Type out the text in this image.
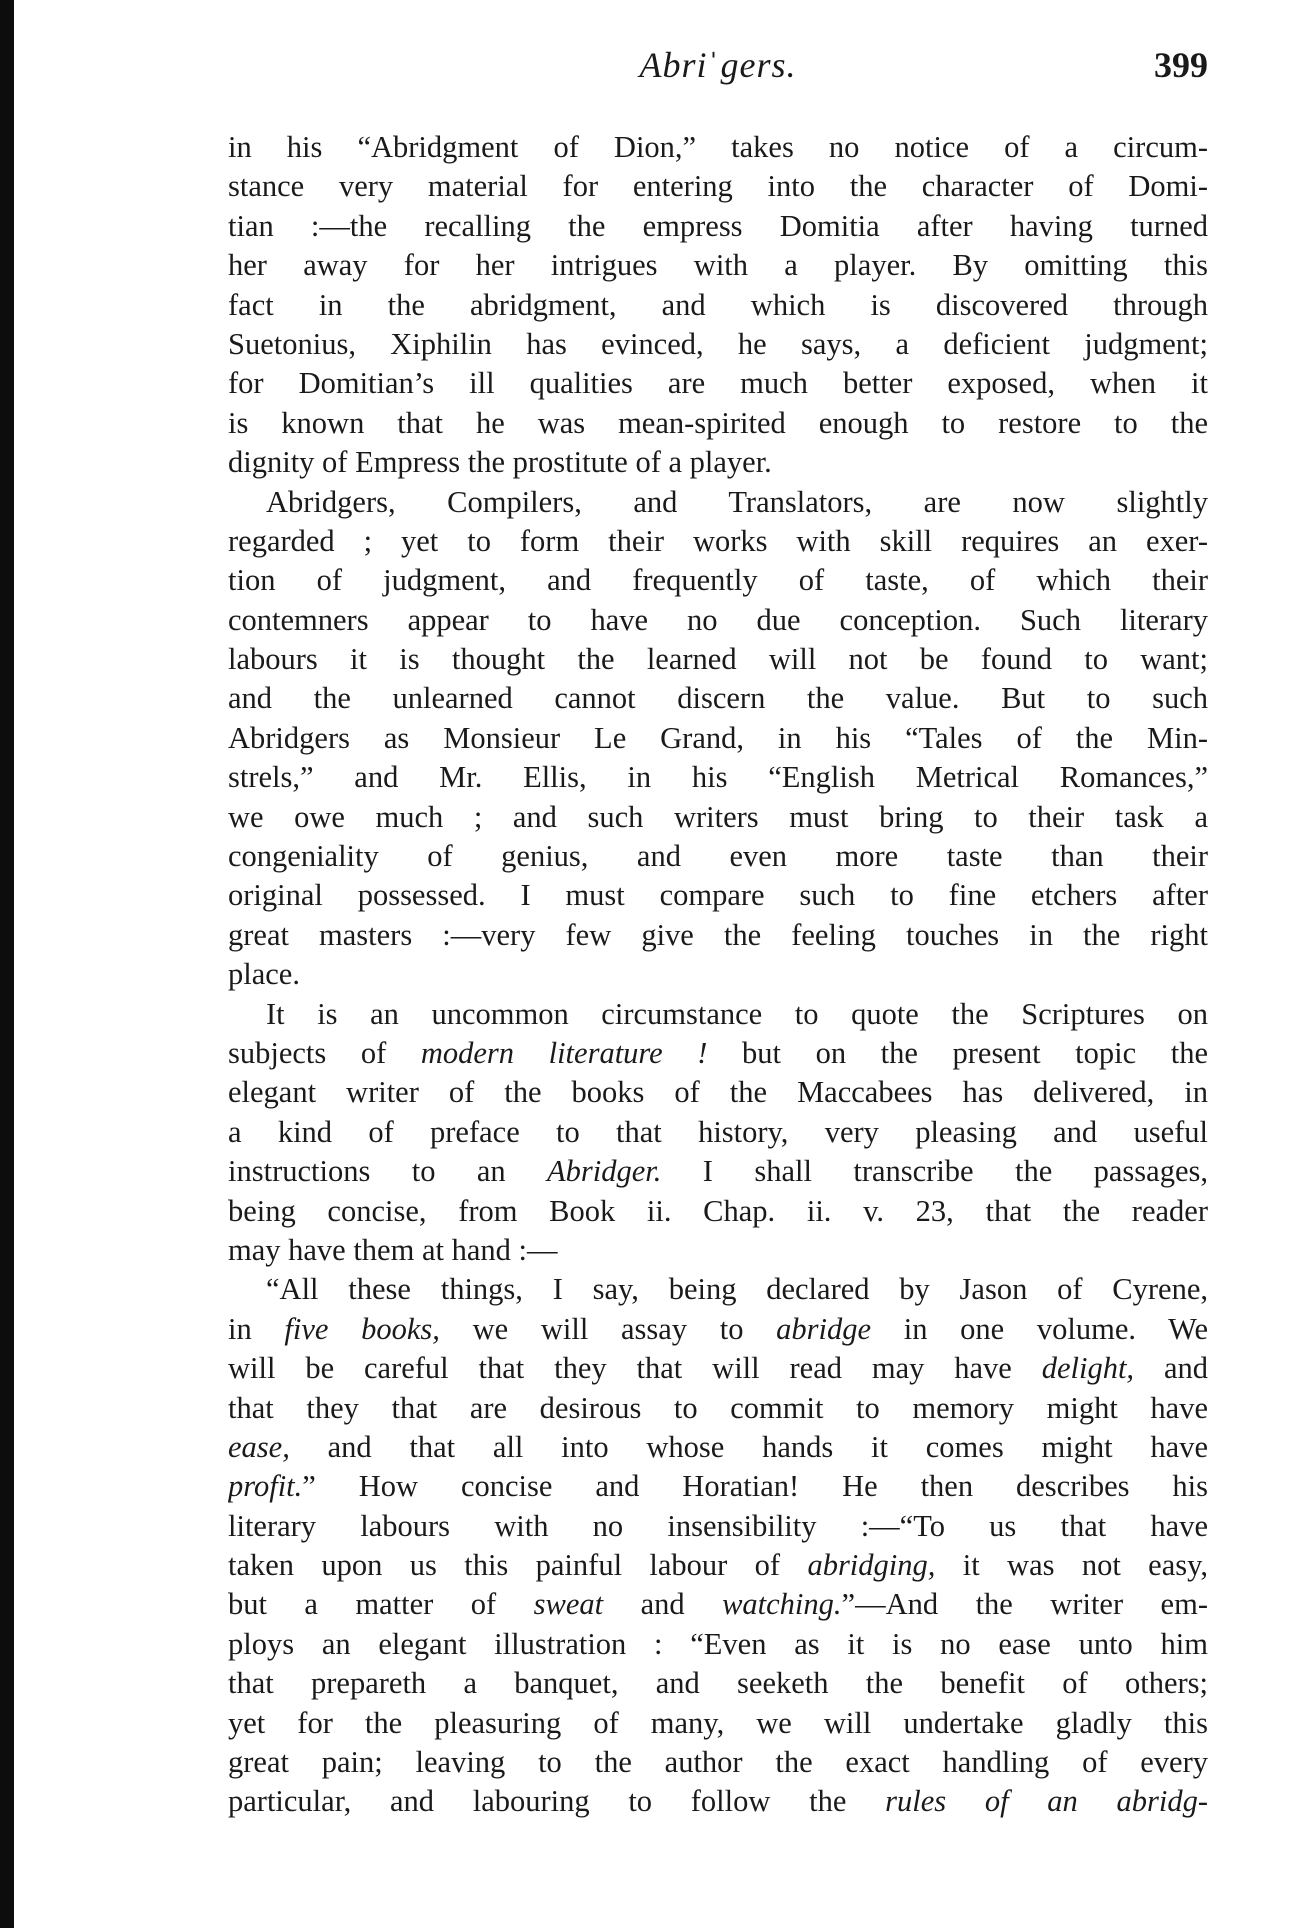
Abriˈgers.	399
in his “Abridgment of Dion,” takes no notice of a circum-
stance very material for entering into the character of Domi-
tian :—the recalling the empress Domitia after having turned
her away for her intrigues with a player. By omitting this
fact in the abridgment, and which is discovered through
Suetonius, Xiphilin has evinced, he says, a deficient judgment;
for Domitian’s ill qualities are much better exposed, when it
is known that he was mean-spirited enough to restore to the
dignity of Empress the prostitute of a player.
Abridgers, Compilers, and Translators, are now slightly
regarded ; yet to form their works with skill requires an exer-
tion of judgment, and frequently of taste, of which their
contemners appear to have no due conception. Such literary
labours it is thought the learned will not be found to want;
and the unlearned cannot discern the value. But to such
Abridgers as Monsieur Le Grand, in his “Tales of the Min-
strels,” and Mr. Ellis, in his “English Metrical Romances,”
we owe much ; and such writers must bring to their task a
congeniality of genius, and even more taste than their
original possessed. I must compare such to fine etchers after
great masters :—very few give the feeling touches in the right
place.
It is an uncommon circumstance to quote the Scriptures on
subjects of modern literature ! but on the present topic the
elegant writer of the books of the Maccabees has delivered, in
a kind of preface to that history, very pleasing and useful
instructions to an Abridger. I shall transcribe the passages,
being concise, from Book ii. Chap. ii. v. 23, that the reader
may have them at hand :—
“All these things, I say, being declared by Jason of Cyrene,
in five books, we will assay to abridge in one volume. We
will be careful that they that will read may have delight, and
that they that are desirous to commit to memory might have
ease, and that all into whose hands it comes might have
profit.” How concise and Horatian! He then describes his
literary labours with no insensibility :—“To us that have
taken upon us this painful labour of abridging, it was not easy,
but a matter of sweat and watching.”—And the writer em-
ploys an elegant illustration : “Even as it is no ease unto him
that prepareth a banquet, and seeketh the benefit of others;
yet for the pleasuring of many, we will undertake gladly this
great pain; leaving to the author the exact handling of every
particular, and labouring to follow the rules of an abridg-
